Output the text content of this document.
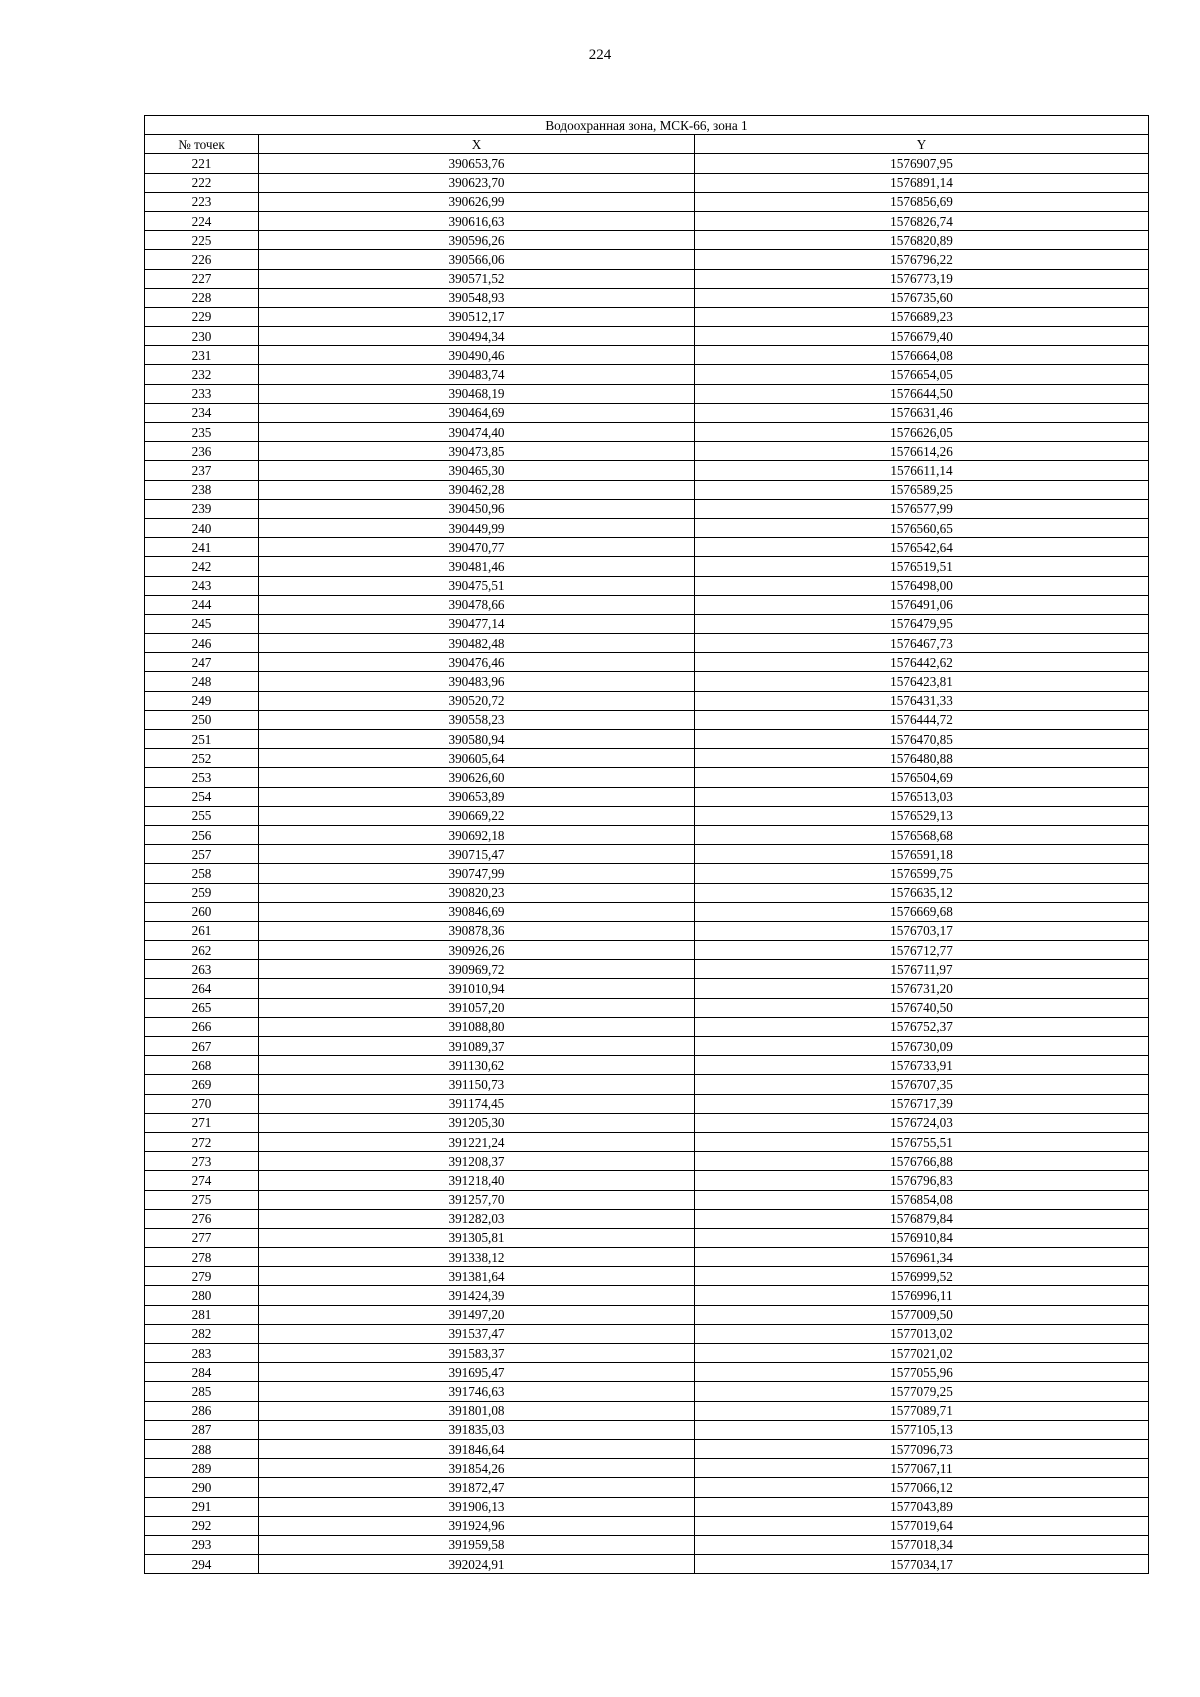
224
Водоохранная зона, МСК-66, зона 1		
№ точек	X	Y
221	390653,76	1576907,95
222	390623,70	1576891,14
223	390626,99	1576856,69
224	390616,63	1576826,74
225	390596,26	1576820,89
226	390566,06	1576796,22
227	390571,52	1576773,19
228	390548,93	1576735,60
229	390512,17	1576689,23
230	390494,34	1576679,40
231	390490,46	1576664,08
232	390483,74	1576654,05
233	390468,19	1576644,50
234	390464,69	1576631,46
235	390474,40	1576626,05
236	390473,85	1576614,26
237	390465,30	1576611,14
238	390462,28	1576589,25
239	390450,96	1576577,99
240	390449,99	1576560,65
241	390470,77	1576542,64
242	390481,46	1576519,51
243	390475,51	1576498,00
244	390478,66	1576491,06
245	390477,14	1576479,95
246	390482,48	1576467,73
247	390476,46	1576442,62
248	390483,96	1576423,81
249	390520,72	1576431,33
250	390558,23	1576444,72
251	390580,94	1576470,85
252	390605,64	1576480,88
253	390626,60	1576504,69
254	390653,89	1576513,03
255	390669,22	1576529,13
256	390692,18	1576568,68
257	390715,47	1576591,18
258	390747,99	1576599,75
259	390820,23	1576635,12
260	390846,69	1576669,68
261	390878,36	1576703,17
262	390926,26	1576712,77
263	390969,72	1576711,97
264	391010,94	1576731,20
265	391057,20	1576740,50
266	391088,80	1576752,37
267	391089,37	1576730,09
268	391130,62	1576733,91
269	391150,73	1576707,35
270	391174,45	1576717,39
271	391205,30	1576724,03
272	391221,24	1576755,51
273	391208,37	1576766,88
274	391218,40	1576796,83
275	391257,70	1576854,08
276	391282,03	1576879,84
277	391305,81	1576910,84
278	391338,12	1576961,34
279	391381,64	1576999,52
280	391424,39	1576996,11
281	391497,20	1577009,50
282	391537,47	1577013,02
283	391583,37	1577021,02
284	391695,47	1577055,96
285	391746,63	1577079,25
286	391801,08	1577089,71
287	391835,03	1577105,13
288	391846,64	1577096,73
289	391854,26	1577067,11
290	391872,47	1577066,12
291	391906,13	1577043,89
292	391924,96	1577019,64
293	391959,58	1577018,34
294	392024,91	1577034,17
